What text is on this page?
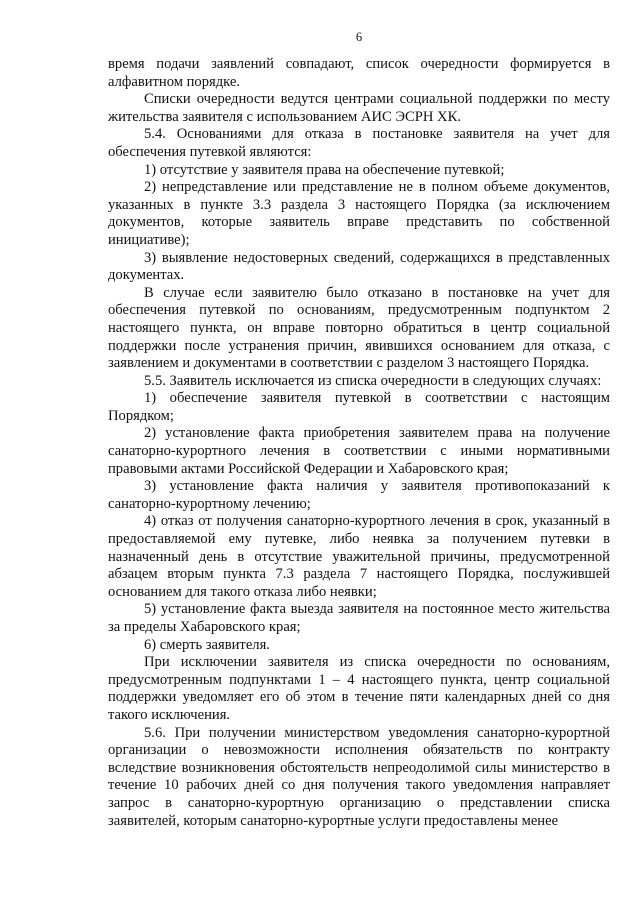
6

время подачи заявлений совпадают, список очередности формируется в алфавитном порядке.

Списки очередности ведутся центрами социальной поддержки по месту жительства заявителя с использованием АИС ЭСРН ХК.

5.4. Основаниями для отказа в постановке заявителя на учет для обеспечения путевкой являются:

1) отсутствие у заявителя права на обеспечение путевкой;

2) непредставление или представление не в полном объеме документов, указанных в пункте 3.3 раздела 3 настоящего Порядка (за исключением документов, которые заявитель вправе представить по собственной инициативе);

3) выявление недостоверных сведений, содержащихся в представленных документах.

В случае если заявителю было отказано в постановке на учет для обеспечения путевкой по основаниям, предусмотренным подпунктом 2 настоящего пункта, он вправе повторно обратиться в центр социальной поддержки после устранения причин, явившихся основанием для отказа, с заявлением и документами в соответствии с разделом 3 настоящего Порядка.

5.5. Заявитель исключается из списка очередности в следующих случаях:

1) обеспечение заявителя путевкой в соответствии с настоящим Порядком;

2) установление факта приобретения заявителем права на получение санаторно-курортного лечения в соответствии с иными нормативными правовыми актами Российской Федерации и Хабаровского края;

3) установление факта наличия у заявителя противопоказаний к санаторно-курортному лечению;

4) отказ от получения санаторно-курортного лечения в срок, указанный в предоставляемой ему путевке, либо неявка за получением путевки в назначенный день в отсутствие уважительной причины, предусмотренной абзацем вторым пункта 7.3 раздела 7 настоящего Порядка, послужившей основанием для такого отказа либо неявки;

5) установление факта выезда заявителя на постоянное место жительства за пределы Хабаровского края;

6) смерть заявителя.

При исключении заявителя из списка очередности по основаниям, предусмотренным подпунктами 1 – 4 настоящего пункта, центр социальной поддержки уведомляет его об этом в течение пяти календарных дней со дня такого исключения.

5.6. При получении министерством уведомления санаторно-курортной организации о невозможности исполнения обязательств по контракту вследствие возникновения обстоятельств непреодолимой силы министерство в течение 10 рабочих дней со дня получения такого уведомления направляет запрос в санаторно-курортную организацию о представлении списка заявителей, которым санаторно-курортные услуги предоставлены менее
